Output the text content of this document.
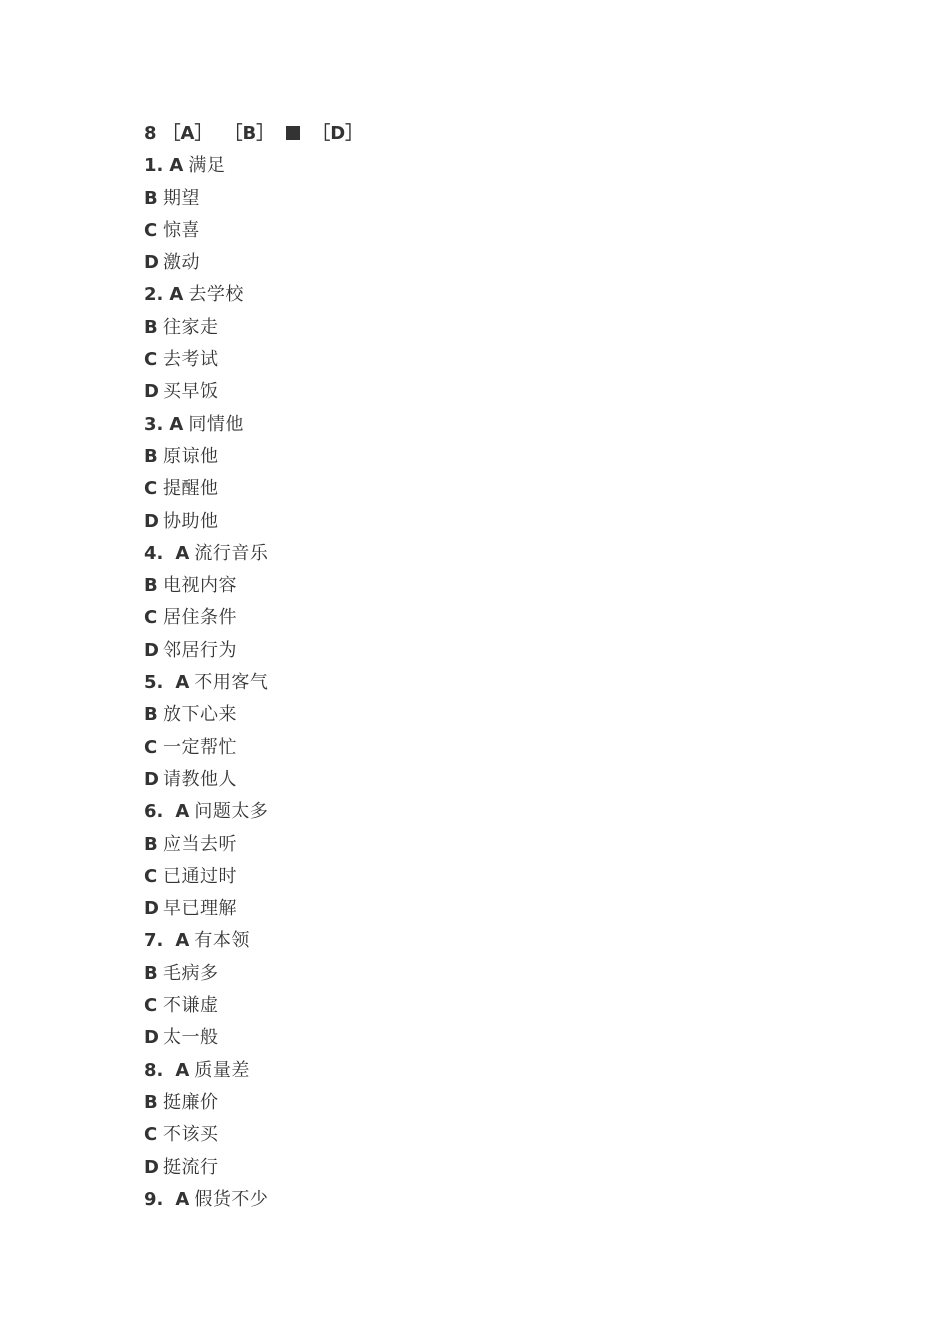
8 ［A］ ［B］ ［D］
1. A 满足
B 期望
C 惊喜
D 激动
2. A 去学校
B 往家走
C 去考试
D 买早饭
3. A 同情他
B 原谅他
C 提醒他
D 协助他
4. A 流行音乐
B 电视内容
C 居住条件
D 邻居行为
5. A 不用客气
B 放下心来
C 一定帮忙
D 请教他人
6. A 问题太多
B 应当去听
C 已通过时
D 早已理解
7. A 有本领
B 毛病多
C 不谦虚
D 太一般
8. A 质量差
B 挺廉价
C 不该买
D 挺流行
9. A 假货不少
